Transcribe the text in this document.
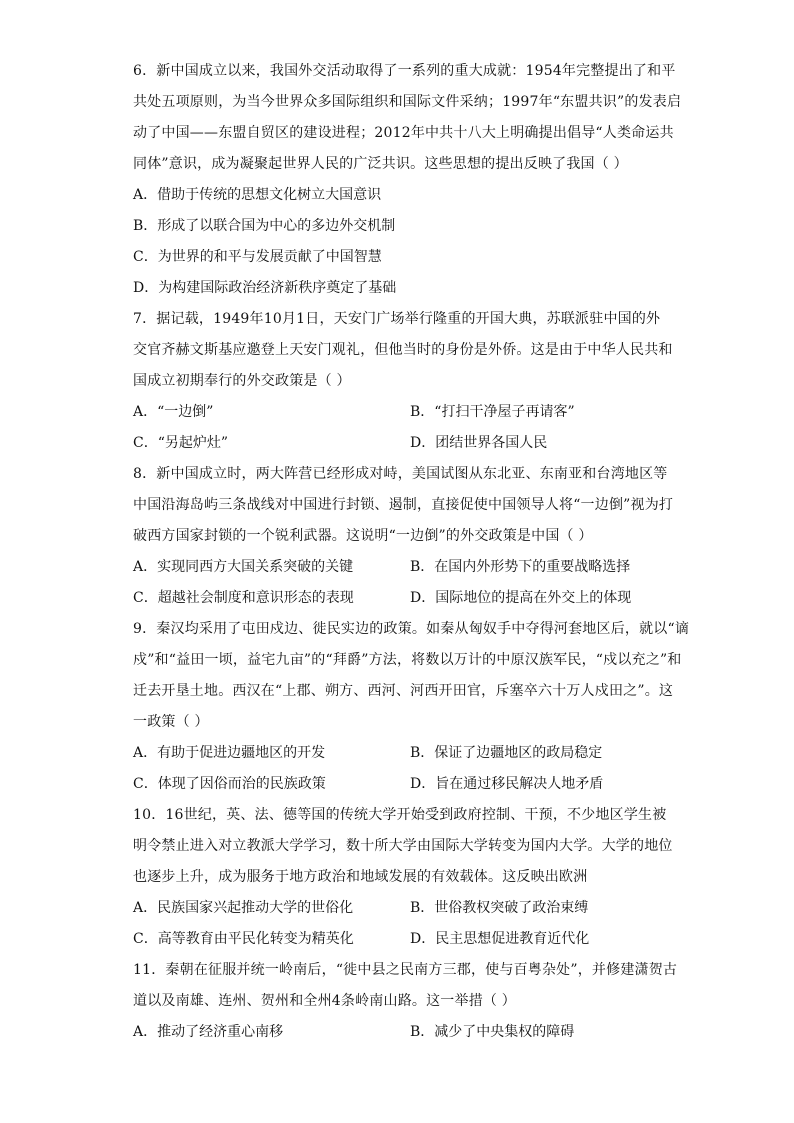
6．新中国成立以来，我国外交活动取得了一系列的重大成就：1954年完整提出了和平
共处五项原则，为当今世界众多国际组织和国际文件采纳；1997年“东盟共识”的发表启
动了中国——东盟自贸区的建设进程；2012年中共十八大上明确提出倡导“人类命运共
同体”意识，成为凝聚起世界人民的广泛共识。这些思想的提出反映了我国（ ）
A．借助于传统的思想文化树立大国意识
B．形成了以联合国为中心的多边外交机制
C．为世界的和平与发展贡献了中国智慧
D．为构建国际政治经济新秩序奠定了基础
7．据记载，1949年10月1日，天安门广场举行隆重的开国大典，苏联派驻中国的外
交官齐赫文斯基应邀登上天安门观礼，但他当时的身份是外侨。这是由于中华人民共和
国成立初期奉行的外交政策是（ ）
A．“一边倒”	B．“打扫干净屋子再请客”
C．“另起炉灶”	D．团结世界各国人民
8．新中国成立时，两大阵营已经形成对峙，美国试图从东北亚、东南亚和台湾地区等
中国沿海岛屿三条战线对中国进行封锁、遏制，直接促使中国领导人将“一边倒”视为打
破西方国家封锁的一个锐利武器。这说明“一边倒”的外交政策是中国（ ）
A．实现同西方大国关系突破的关键	B．在国内外形势下的重要战略选择
C．超越社会制度和意识形态的表现	D．国际地位的提高在外交上的体现
9．秦汉均采用了屯田戍边、徙民实边的政策。如秦从匈奴手中夺得河套地区后，就以“谪
戍”和“益田一顷，益宅九亩”的“拜爵”方法，将数以万计的中原汉族军民，“戍以充之”和
迁去开垦土地。西汉在“上郡、朔方、西河、河西开田官，斥塞卒六十万人戍田之”。这
一政策（ ）
A．有助于促进边疆地区的开发	B．保证了边疆地区的政局稳定
C．体现了因俗而治的民族政策	D．旨在通过移民解决人地矛盾
10．16世纪，英、法、德等国的传统大学开始受到政府控制、干预，不少地区学生被
明令禁止进入对立教派大学学习，数十所大学由国际大学转变为国内大学。大学的地位
也逐步上升，成为服务于地方政治和地域发展的有效载体。这反映出欧洲
A．民族国家兴起推动大学的世俗化	B．世俗教权突破了政治束缚
C．高等教育由平民化转变为精英化	D．民主思想促进教育近代化
11．秦朝在征服并统一岭南后，“徙中县之民南方三郡，使与百粤杂处”，并修建潇贺古
道以及南雄、连州、贺州和全州4条岭南山路。这一举措（ ）
A．推动了经济重心南移	B．减少了中央集权的障碍
